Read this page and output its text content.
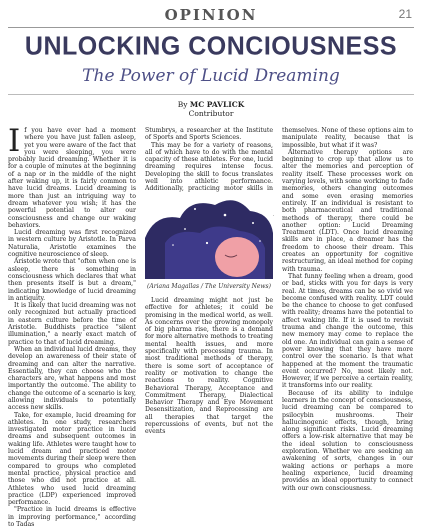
OPINION	21
UNLOCKING CONCIOUSNESS
The Power of Lucid Dreaming
By MC PAVLICK
Contributor
I f you have ever had a moment where you have just fallen asleep, yet you were aware of the fact that you were sleeping, you were probably lucid dreaming. Whether it is for a couple of minutes at the beginning of a nap or in the middle of the night after waking up, it is fairly common to have lucid dreams. Lucid dreaming is more than just an intriguing way to dream whatever you wish; it has the powerful potential to alter our consciousness and change our waking behaviors.

Lucid dreaming was first recognized in western culture by Aristotle. In Parva Naturalia, Aristotle examines the cognitive neuroscience of sleep.

Aristotle wrote that "often when one is asleep, there is something in consciousness which declares that what then presents itself is but a dream," indicating knowledge of lucid dreaming in antiquity.

It is likely that lucid dreaming was not only recognized but actually practiced in eastern culture before the time of Aristotle. Buddhists practice "silent illumination," a nearly exact match of practice to that of lucid dreaming.

When an individual lucid dreams, they develop an awareness of their state of dreaming and can alter the narrative. Essentially, they can choose who the characters are, what happens and most importantly the outcome. The ability to change the outcome of a scenario is key, allowing individuals to potentially access new skills.

Take, for example, lucid dreaming for athletes. In one study, researchers investigated motor practice in lucid dreams and subsequent outcomes in waking life. Athletes were taught how to lucid dream and practiced motor movements during their sleep were then compared to groups who completed mental practice, physical practice and those who did not practice at all. Athletes who used lucid dreaming practice (LDP) experienced improved performance.

"Practice in lucid dreams is effective in improving performance," according to Tadas

Stumbrys, a researcher at the Institute of Sports and Sports Sciences.

This may be for a variety of reasons, all of which have to do with the mental capacity of these athletes. For one, lucid dreaming requires intense focus. Developing the skill to focus translates well into athletic performance. Additionally, practicing motor skills in

(Ariana Magallas / The University News)

Lucid dreaming might not just be effective for athletes; it could be promising in the medical world, as well. As concerns over the growing monopoly of big pharma rise, there is a demand for more alternative methods to treating mental health issues, and more specifically with processing trauma. In most traditional methods of therapy, there is some sort of acceptance of reality or motivation to change the reactions to reality. Cognitive Behavioral Therapy, Acceptance and Commitment Therapy, Dialectical Behavior Therapy and Eye Movement Desensitization, and Reprocessing are all therapies that target the repercussions of events, but not the events

themselves. None of these options aim to manipulate reality, because that is impossible, but what if it was?

Alternative therapy options are beginning to crop up that allow us to alter the memories and perception of reality itself. These processes work on varying levels, with some working to fade memories, others changing outcomes and some even erasing memories entirely. If an individual is resistant to both pharmaceutical and traditional methods of therapy, there could be another option: Lucid Dreaming Treatment (LDT). Once lucid dreaming skills are in place, a dreamer has the freedom to choose their dream. This creates an opportunity for cognitive restructuring, an ideal method for coping with trauma.

That funny feeling when a dream, good or bad, sticks with you for days is very real. At times, dreams can be so vivid we become confused with reality. LDT could be the chance to choose to get confused with reality; dreams have the potential to affect waking life. If it is used to revisit trauma and change the outcome, this new memory may come to replace the old one. An individual can gain a sense of power knowing that they have more control over the scenario. Is that what happened at the moment the traumatic event occurred? No, most likely not. However, if we perceive a certain reality, it transforms into our reality.

Because of its ability to indulge learners in the concept of consciousness, lucid dreaming can be compared to psilocybin mushrooms. Their hallucinogenic effects, though, bring along significant risks. Lucid dreaming offers a low-risk alternative that may be the ideal solution to consciousness exploration. Whether we are seeking an awakening of sorts, changes in our waking actions or perhaps a more healing experience, lucid dreaming provides an ideal opportunity to connect with our own consciousness.
